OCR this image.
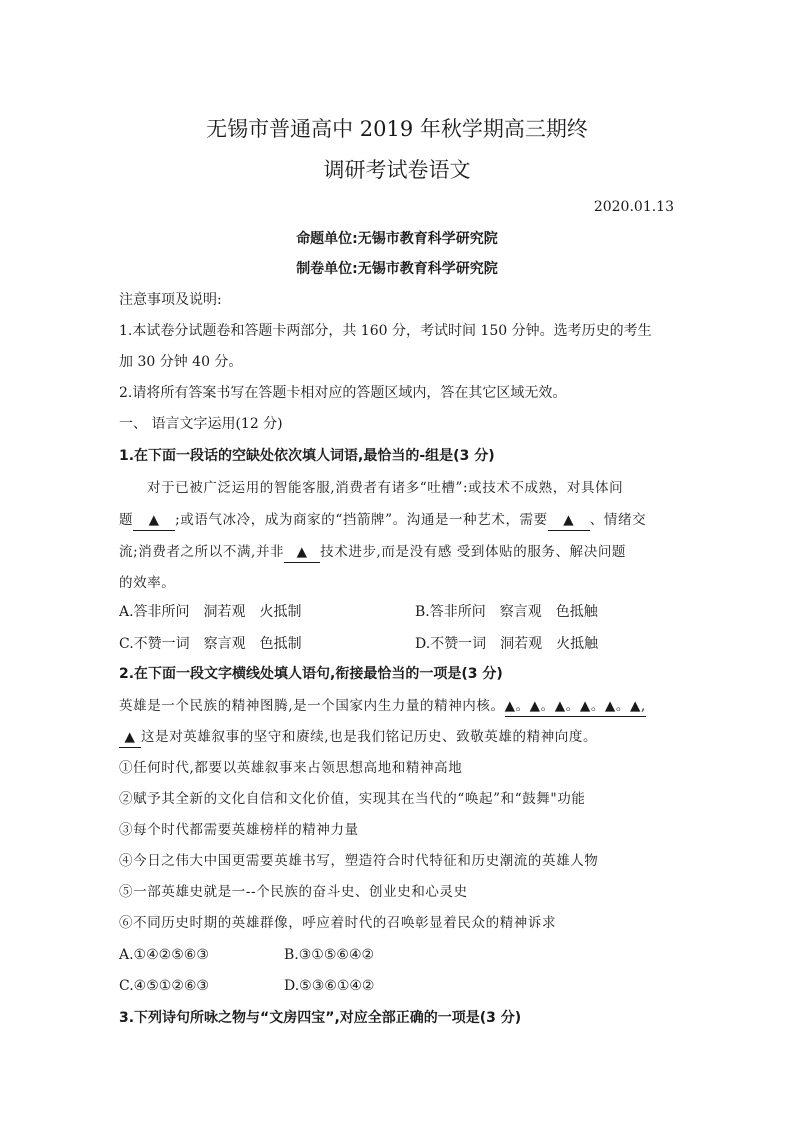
无锡市普通高中 2019 年秋学期高三期终
调研考试卷语文
2020.01.13
命题单位:无锡市教育科学研究院
制卷单位:无锡市教育科学研究院
注意事项及说明:
1.本试卷分试题卷和答题卡两部分，共 160 分，考试时间 150 分钟。选考历史的考生
加 30 分钟 40 分。
2.请将所有答案书写在答题卡相对应的答题区域内，答在其它区域无效。
一、 语言文字运用(12 分)
1.在下面一段话的空缺处依次填人词语,最恰当的-组是(3 分)
对于已被广泛运用的智能客服,消费者有诸多“吐槽”:或技术不成熟，对具体问
题 ▲ ;或语气冰冷，成为商家的“挡箭牌”。沟通是一种艺术，需要 ▲ 、情绪交
流;消费者之所以不满,并非 ▲ 技术进步,而是没有感 受到体贴的服务、解决问题
的效率。
A.答非所问　洞若观　火抵制	B.答非所问　察言观　色抵触
C.不赞一词　察言观　色抵制	D.不赞一词　洞若观　火抵触
2.在下面一段文字横线处填人语句,衔接最恰当的一项是(3 分)
英雄是一个民族的精神图腾,是一个国家内生力量的精神内核。▲。▲。▲。▲。▲。▲,
▲ 这是对英雄叙事的坚守和赓续,也是我们铭记历史、致敬英雄的精神向度。
①任何时代,都要以英雄叙事来占领思想高地和精神高地
②赋予其全新的文化自信和文化价值，实现其在当代的“唤起”和“鼓舞"功能
③每个时代都需要英雄榜样的精神力量
④今日之伟大中国更需要英雄书写，塑造符合时代特征和历史潮流的英雄人物
⑤一部英雄史就是一--个民族的奋斗史、创业史和心灵史
⑥不同历史时期的英雄群像，呼应着时代的召唤彰显着民众的精神诉求
A.①④②⑤⑥③	B.③①⑤⑥④②
C.④⑤①②⑥③	D.⑤③⑥①④②
3.下列诗句所咏之物与“文房四宝”,对应全部正确的一项是(3 分)
